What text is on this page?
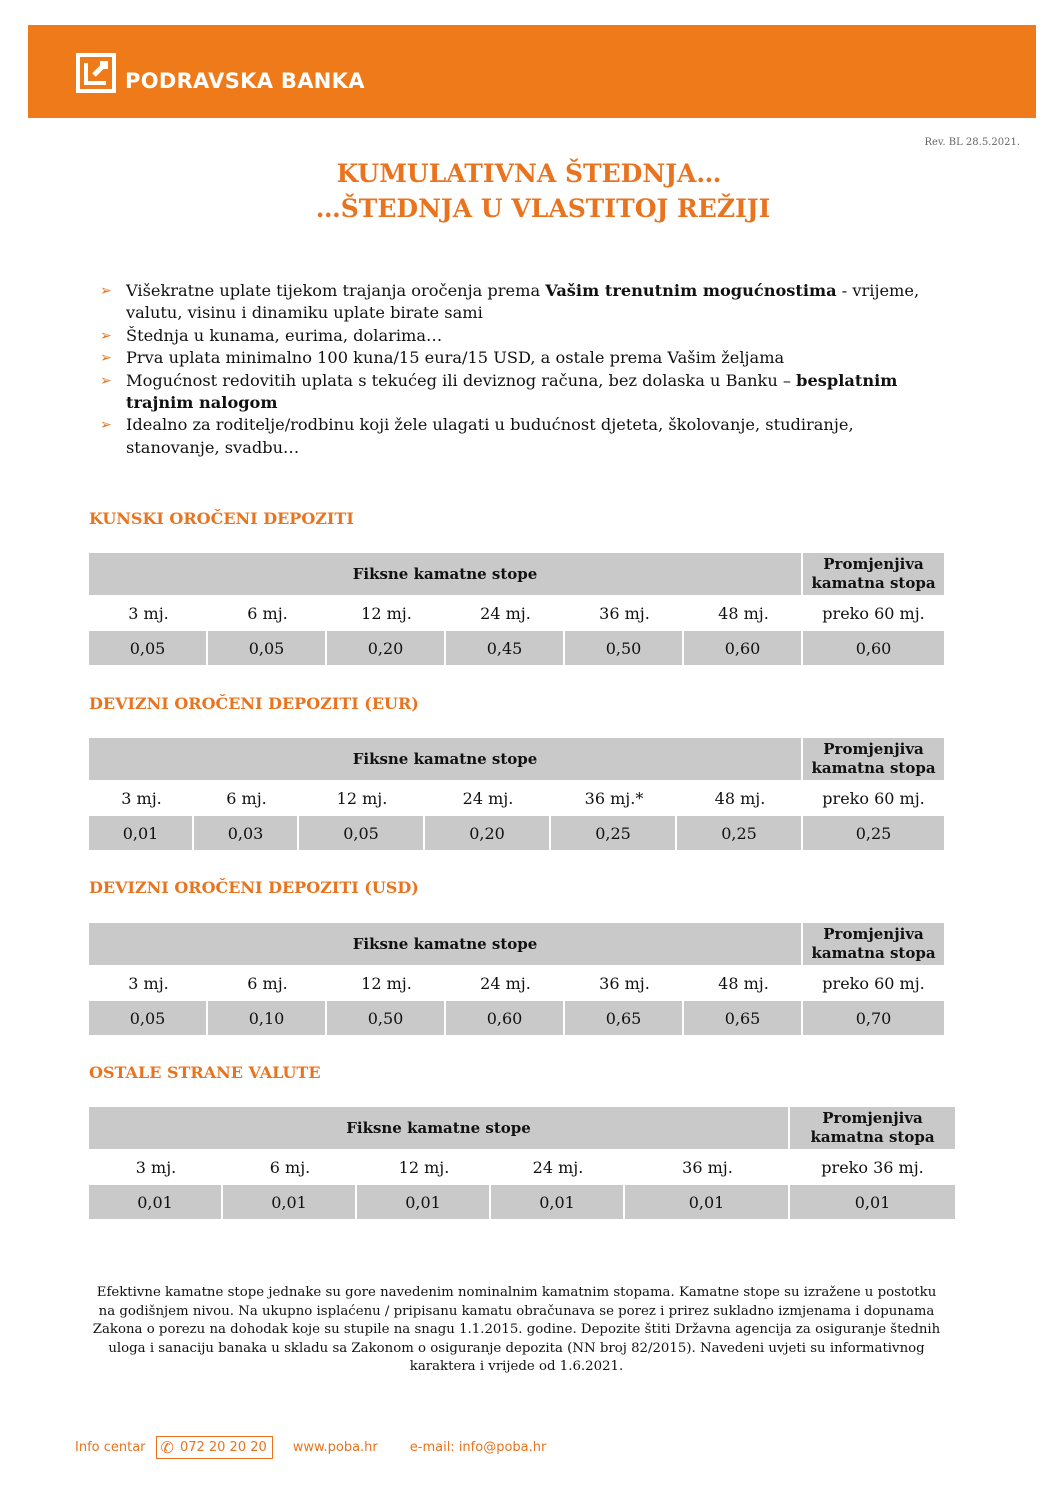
PODRAVSKA BANKA
Rev. BL 28.5.2021.
KUMULATIVNA ŠTEDNJA…
…ŠTEDNJA U VLASTITOJ REŽIJI
➢ Višekratne uplate tijekom trajanja oročenja prema Vašim trenutnim mogućnostima - vrijeme, valutu, visinu i dinamiku uplate birate sami
➢ Štednja u kunama, eurima, dolarima…
➢ Prva uplata minimalno 100 kuna/15 eura/15 USD, a ostale prema Vašim željama
➢ Mogućnost redovitih uplata s tekućeg ili deviznog računa, bez dolaska u Banku – besplatnim trajnim nalogom
➢ Idealno za roditelje/rodbinu koji žele ulagati u budućnost djeteta, školovanje, studiranje, stanovanje, svadbu…
KUNSKI OROČENI DEPOZITI
Fiksne kamatne stope						Promjenjiva kamatna stopa
3 mj.	6 mj.	12 mj.	24 mj.	36 mj.	48 mj.	preko 60 mj.
0,05	0,05	0,20	0,45	0,50	0,60	0,60
DEVIZNI OROČENI DEPOZITI (EUR)
Fiksne kamatne stope						Promjenjiva kamatna stopa
3 mj.	6 mj.	12 mj.	24 mj.	36 mj.*	48 mj.	preko 60 mj.
0,01	0,03	0,05	0,20	0,25	0,25	0,25
DEVIZNI OROČENI DEPOZITI (USD)
Fiksne kamatne stope						Promjenjiva kamatna stopa
3 mj.	6 mj.	12 mj.	24 mj.	36 mj.	48 mj.	preko 60 mj.
0,05	0,10	0,50	0,60	0,65	0,65	0,70
OSTALE STRANE VALUTE
Fiksne kamatne stope					Promjenjiva kamatna stopa
3 mj.	6 mj.	12 mj.	24 mj.	36 mj.	preko 36 mj.
0,01	0,01	0,01	0,01	0,01	0,01
Efektivne kamatne stope jednake su gore navedenim nominalnim kamatnim stopama. Kamatne stope su izražene u postotku na godišnjem nivou. Na ukupno isplaćenu / pripisanu kamatu obračunava se porez i prirez sukladno izmjenama i dopunama Zakona o porezu na dohodak koje su stupile na snagu 1.1.2015. godine. Depozite štiti Državna agencija za osiguranje štednih uloga i sanaciju banaka u skladu sa Zakonom o osiguranje depozita (NN broj 82/2015). Navedeni uvjeti su informativnog karaktera i vrijede od 1.6.2021.
Info centar ✆ 072 20 20 20 www.poba.hr e-mail: info@poba.hr
